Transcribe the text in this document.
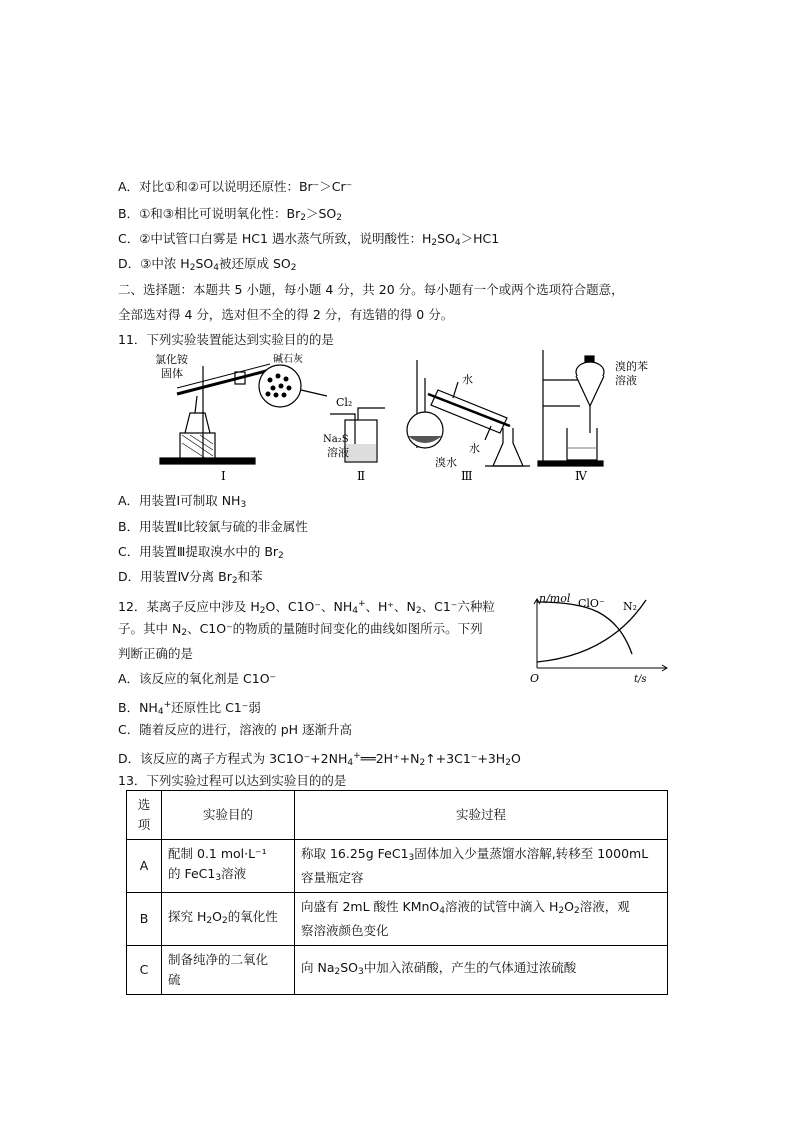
A．对比①和②可以说明还原性：Br⁻＞Cr⁻
B．①和③相比可说明氧化性：$Br_2>SO_2$
C．②中试管口白雾是 HC1 遇水蒸气所致，说明酸性：$H_2SO_4>HC1$
D．③中浓 $H_2SO_4$被还原成 $SO_2$
二、选择题：本题共 5 小题，每小题 4 分，共 20 分。每小题有一个或两个选项符合题意，
全部选对得 4 分，选对但不全的得 2 分，有选错的得 0 分。
11．下列实验装置能达到实验目的的是
氯化铵
固体
碱石灰
Ⅰ
Cl₂
Na₂S
溶液
Ⅱ
水
水
溴水
Ⅲ
溴的苯
溶液
Ⅳ
A．用装置Ⅰ可制取 $NH_3$
B．用装置Ⅱ比较氯与硫的非金属性
C．用装置Ⅲ提取溴水中的 $Br_2$
D．用装置Ⅳ分离 $Br_2$和苯
12．某离子反应中涉及 $H_2O$、C1O⁻、$NH_4^+$、H⁺、$N_2$、C1⁻六种粒
子。其中 $N_2$、C1O⁻的物质的量随时间变化的曲线如图所示。下列
判断正确的是
A．该反应的氧化剂是 C1O⁻
B．$NH_4^+$还原性比 C1⁻弱
C．随着反应的进行，溶液的 pH 逐渐升高
D．该反应的离子方程式为 $3C1O^-+2NH_4^+══2H^++N_2↑+3C1^-+3H_2O$
n/mol
t/s
O
ClO⁻ N₂
13．下列实验过程可以达到实验目的的是
选
项	实验目的	实验过程
A	配制 0.1 mol·L⁻¹
的 $FeC1_3$溶液	称取 16.25g $FeC1_3$固体加入少量蒸馏水溶解,转移至 1000mL
容量瓶定容
B	探究 $H_2O_2$的氧化性	向盛有 2mL 酸性 KMnO$_4$溶液的试管中滴入 $H_2O_2$溶液，观
察溶液颜色变化
C	制备纯净的二氧化
硫	向 $Na_2SO_3$中加入浓硝酸，产生的气体通过浓硫酸
